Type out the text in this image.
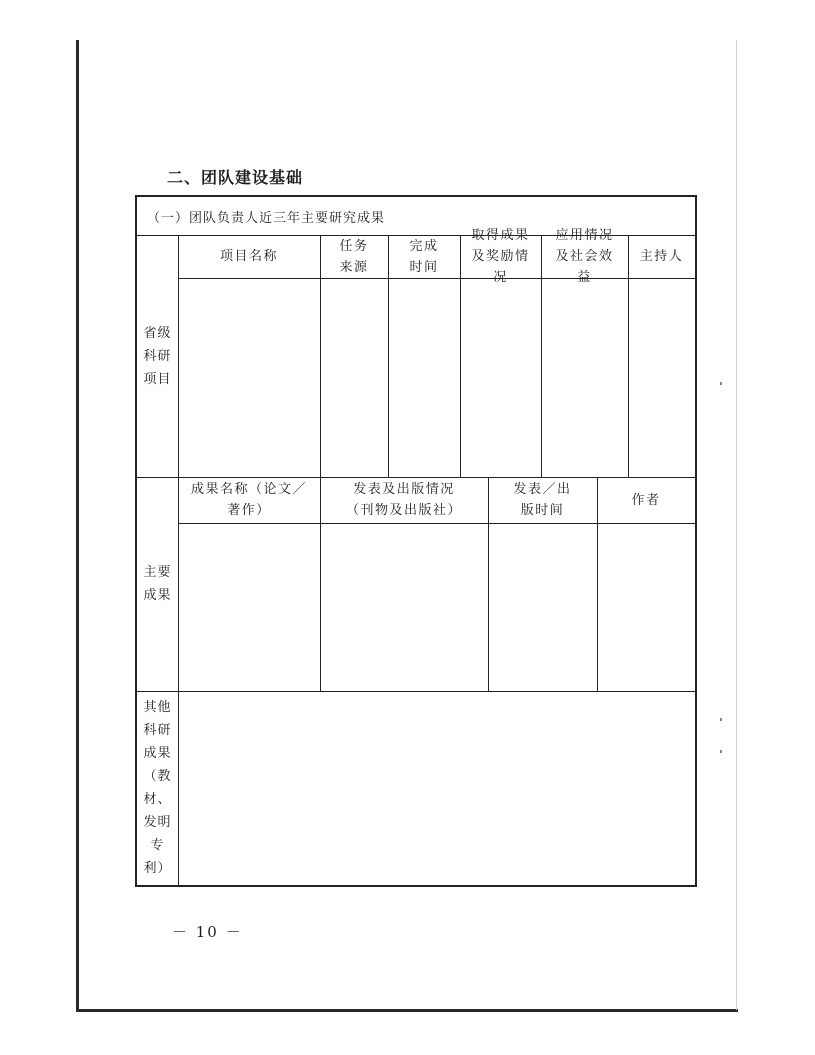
二、团队建设基础
（一）团队负责人近三年主要研究成果
省级科研项目
项目名称
任务来源
完成时间
取得成果及奖励情况
应用情况及社会效益
主持人
主要成果
成果名称（论文／著作）
发表及出版情况（刊物及出版社）
发表／出版时间
作者
其他科研成果（教材、发明专利）
－ 10 －
